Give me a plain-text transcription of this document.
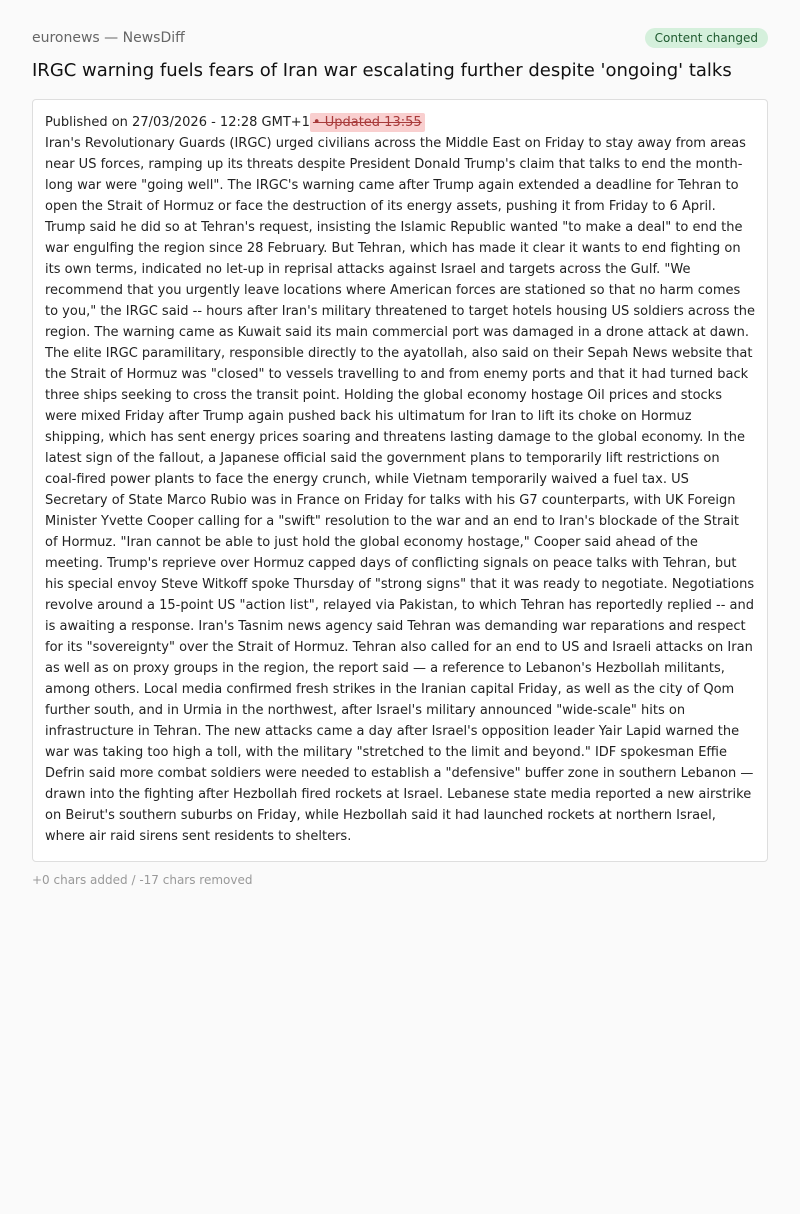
euronews — NewsDiff	Content changed
IRGC warning fuels fears of Iran war escalating further despite 'ongoing' talks
Published on 27/03/2026 - 12:28 GMT+1 • Updated 13:55

Iran's Revolutionary Guards (IRGC) urged civilians across the Middle East on Friday to stay away from areas near US forces, ramping up its threats despite President Donald Trump's claim that talks to end the month-long war were "going well". The IRGC's warning came after Trump again extended a deadline for Tehran to open the Strait of Hormuz or face the destruction of its energy assets, pushing it from Friday to 6 April. Trump said he did so at Tehran's request, insisting the Islamic Republic wanted "to make a deal" to end the war engulfing the region since 28 February. But Tehran, which has made it clear it wants to end fighting on its own terms, indicated no let-up in reprisal attacks against Israel and targets across the Gulf. "We recommend that you urgently leave locations where American forces are stationed so that no harm comes to you," the IRGC said -- hours after Iran's military threatened to target hotels housing US soldiers across the region. The warning came as Kuwait said its main commercial port was damaged in a drone attack at dawn. The elite IRGC paramilitary, responsible directly to the ayatollah, also said on their Sepah News website that the Strait of Hormuz was "closed" to vessels travelling to and from enemy ports and that it had turned back three ships seeking to cross the transit point. Holding the global economy hostage Oil prices and stocks were mixed Friday after Trump again pushed back his ultimatum for Iran to lift its choke on Hormuz shipping, which has sent energy prices soaring and threatens lasting damage to the global economy. In the latest sign of the fallout, a Japanese official said the government plans to temporarily lift restrictions on coal-fired power plants to face the energy crunch, while Vietnam temporarily waived a fuel tax. US Secretary of State Marco Rubio was in France on Friday for talks with his G7 counterparts, with UK Foreign Minister Yvette Cooper calling for a "swift" resolution to the war and an end to Iran's blockade of the Strait of Hormuz. "Iran cannot be able to just hold the global economy hostage," Cooper said ahead of the meeting. Trump's reprieve over Hormuz capped days of conflicting signals on peace talks with Tehran, but his special envoy Steve Witkoff spoke Thursday of "strong signs" that it was ready to negotiate. Negotiations revolve around a 15-point US "action list", relayed via Pakistan, to which Tehran has reportedly replied -- and is awaiting a response. Iran's Tasnim news agency said Tehran was demanding war reparations and respect for its "sovereignty" over the Strait of Hormuz. Tehran also called for an end to US and Israeli attacks on Iran as well as on proxy groups in the region, the report said — a reference to Lebanon's Hezbollah militants, among others. Local media confirmed fresh strikes in the Iranian capital Friday, as well as the city of Qom further south, and in Urmia in the northwest, after Israel's military announced "wide-scale" hits on infrastructure in Tehran. The new attacks came a day after Israel's opposition leader Yair Lapid warned the war was taking too high a toll, with the military "stretched to the limit and beyond." IDF spokesman Effie Defrin said more combat soldiers were needed to establish a "defensive" buffer zone in southern Lebanon — drawn into the fighting after Hezbollah fired rockets at Israel. Lebanese state media reported a new airstrike on Beirut's southern suburbs on Friday, while Hezbollah said it had launched rockets at northern Israel, where air raid sirens sent residents to shelters.

+0 chars added / -17 chars removed
